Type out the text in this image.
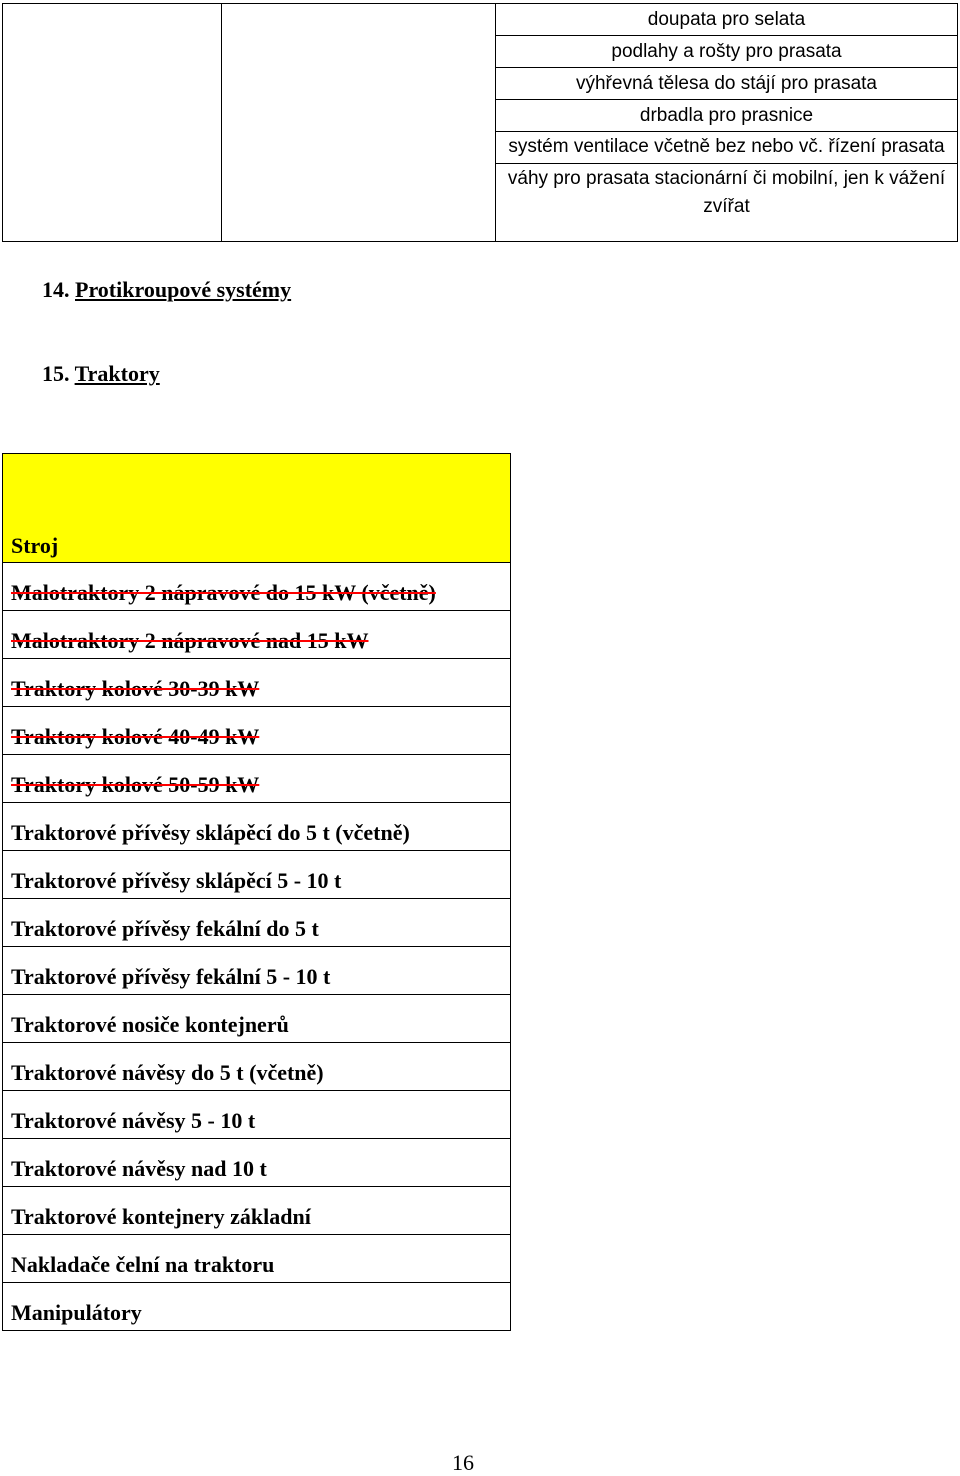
doupata pro selata
podlahy a rošty pro prasata
výhřevná tělesa do stájí pro prasata
drbadla pro prasnice
systém ventilace včetně bez nebo vč. řízení prasata
váhy pro prasata stacionární či mobilní, jen k vážení zvířat
14. Protikroupové systémy
15. Traktory
Stroj
Malotraktory 2 nápravové do 15 kW (včetně)
Malotraktory 2 nápravové nad 15 kW
Traktory kolové 30-39 kW
Traktory kolové 40-49 kW
Traktory kolové 50-59 kW
Traktorové přívěsy sklápěcí do 5 t (včetně)
Traktorové přívěsy sklápěcí 5 - 10 t
Traktorové přívěsy fekální do 5 t
Traktorové přívěsy fekální 5 - 10 t
Traktorové nosiče kontejnerů
Traktorové návěsy do 5 t (včetně)
Traktorové návěsy 5 - 10 t
Traktorové návěsy nad 10 t
Traktorové kontejnery základní
Nakladače čelní na traktoru
Manipulátory
16
